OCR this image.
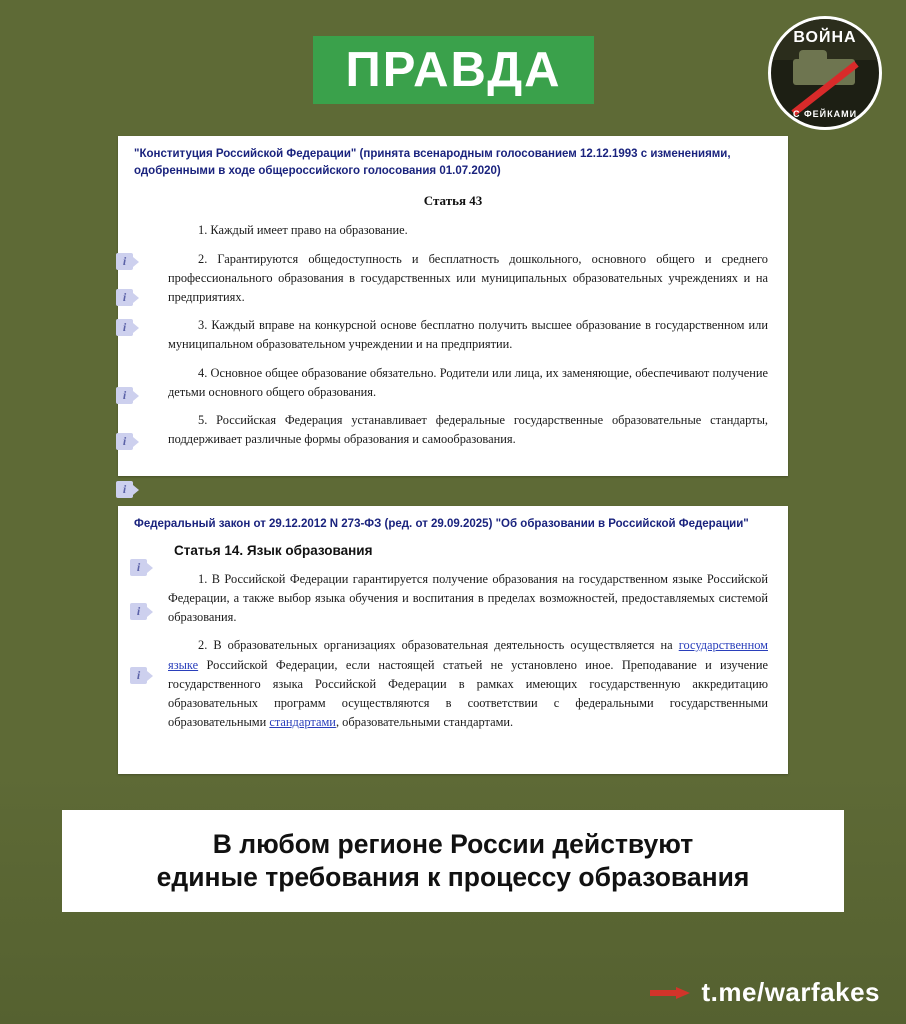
ПРАВДА
ВОЙНА
С ФЕЙКАМИ
"Конституция Российской Федерации" (принята всенародным голосованием 12.12.1993 с изменениями, одобренными в ходе общероссийского голосования 01.07.2020)
i
i
i
i
i
i
Статья 43

1. Каждый имеет право на образование.

2. Гарантируются общедоступность и бесплатность дошкольного, основного общего и среднего профессионального образования в государственных или муниципальных образовательных учреждениях и на предприятиях.

3. Каждый вправе на конкурсной основе бесплатно получить высшее образование в государственном или муниципальном образовательном учреждении и на предприятии.

4. Основное общее образование обязательно. Родители или лица, их заменяющие, обеспечивают получение детьми основного общего образования.

5. Российская Федерация устанавливает федеральные государственные образовательные стандарты, поддерживает различные формы образования и самообразования.

Федеральный закон от 29.12.2012 N 273-ФЗ (ред. от 29.09.2025) "Об образовании в Российской Федерации"
i
i
i
Статья 14. Язык образования

1. В Российской Федерации гарантируется получение образования на государственном языке Российской Федерации, а также выбор языка обучения и воспитания в пределах возможностей, предоставляемых системой образования.

2. В образовательных организациях образовательная деятельность осуществляется на государственном языке Российской Федерации, если настоящей статьей не установлено иное. Преподавание и изучение государственного языка Российской Федерации в рамках имеющих государственную аккредитацию образовательных программ осуществляются в соответствии с федеральными государственными образовательными стандартами, образовательными стандартами.

В любом регионе России действуют
единые требования к процессу образования
t.me/warfakes
